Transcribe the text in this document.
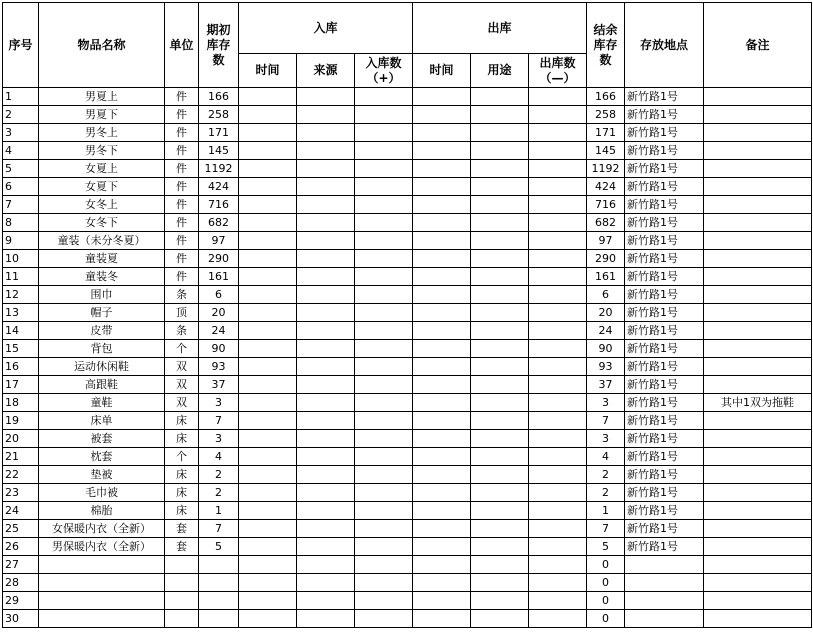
序号	物品名称	单位	期初库存数	入库			出库			结余库存数	存放地点	备注
				时间	来源	入库数（+）	时间	用途	出库数（—）			
1	男夏上	件	166							166	新竹路1号	
2	男夏下	件	258							258	新竹路1号	
3	男冬上	件	171							171	新竹路1号	
4	男冬下	件	145							145	新竹路1号	
5	女夏上	件	1192							1192	新竹路1号	
6	女夏下	件	424							424	新竹路1号	
7	女冬上	件	716							716	新竹路1号	
8	女冬下	件	682							682	新竹路1号	
9	童装（未分冬夏）	件	97							97	新竹路1号	
10	童装夏	件	290							290	新竹路1号	
11	童装冬	件	161							161	新竹路1号	
12	围巾	条	6							6	新竹路1号	
13	帽子	顶	20							20	新竹路1号	
14	皮带	条	24							24	新竹路1号	
15	背包	个	90							90	新竹路1号	
16	运动休闲鞋	双	93							93	新竹路1号	
17	高跟鞋	双	37							37	新竹路1号	
18	童鞋	双	3							3	新竹路1号	其中1双为拖鞋
19	床单	床	7							7	新竹路1号	
20	被套	床	3							3	新竹路1号	
21	枕套	个	4							4	新竹路1号	
22	垫被	床	2							2	新竹路1号	
23	毛巾被	床	2							2	新竹路1号	
24	棉胎	床	1							1	新竹路1号	
25	女保暖内衣（全新）	套	7							7	新竹路1号	
26	男保暖内衣（全新）	套	5							5	新竹路1号	
27										0		
28										0		
29										0		
30										0		
